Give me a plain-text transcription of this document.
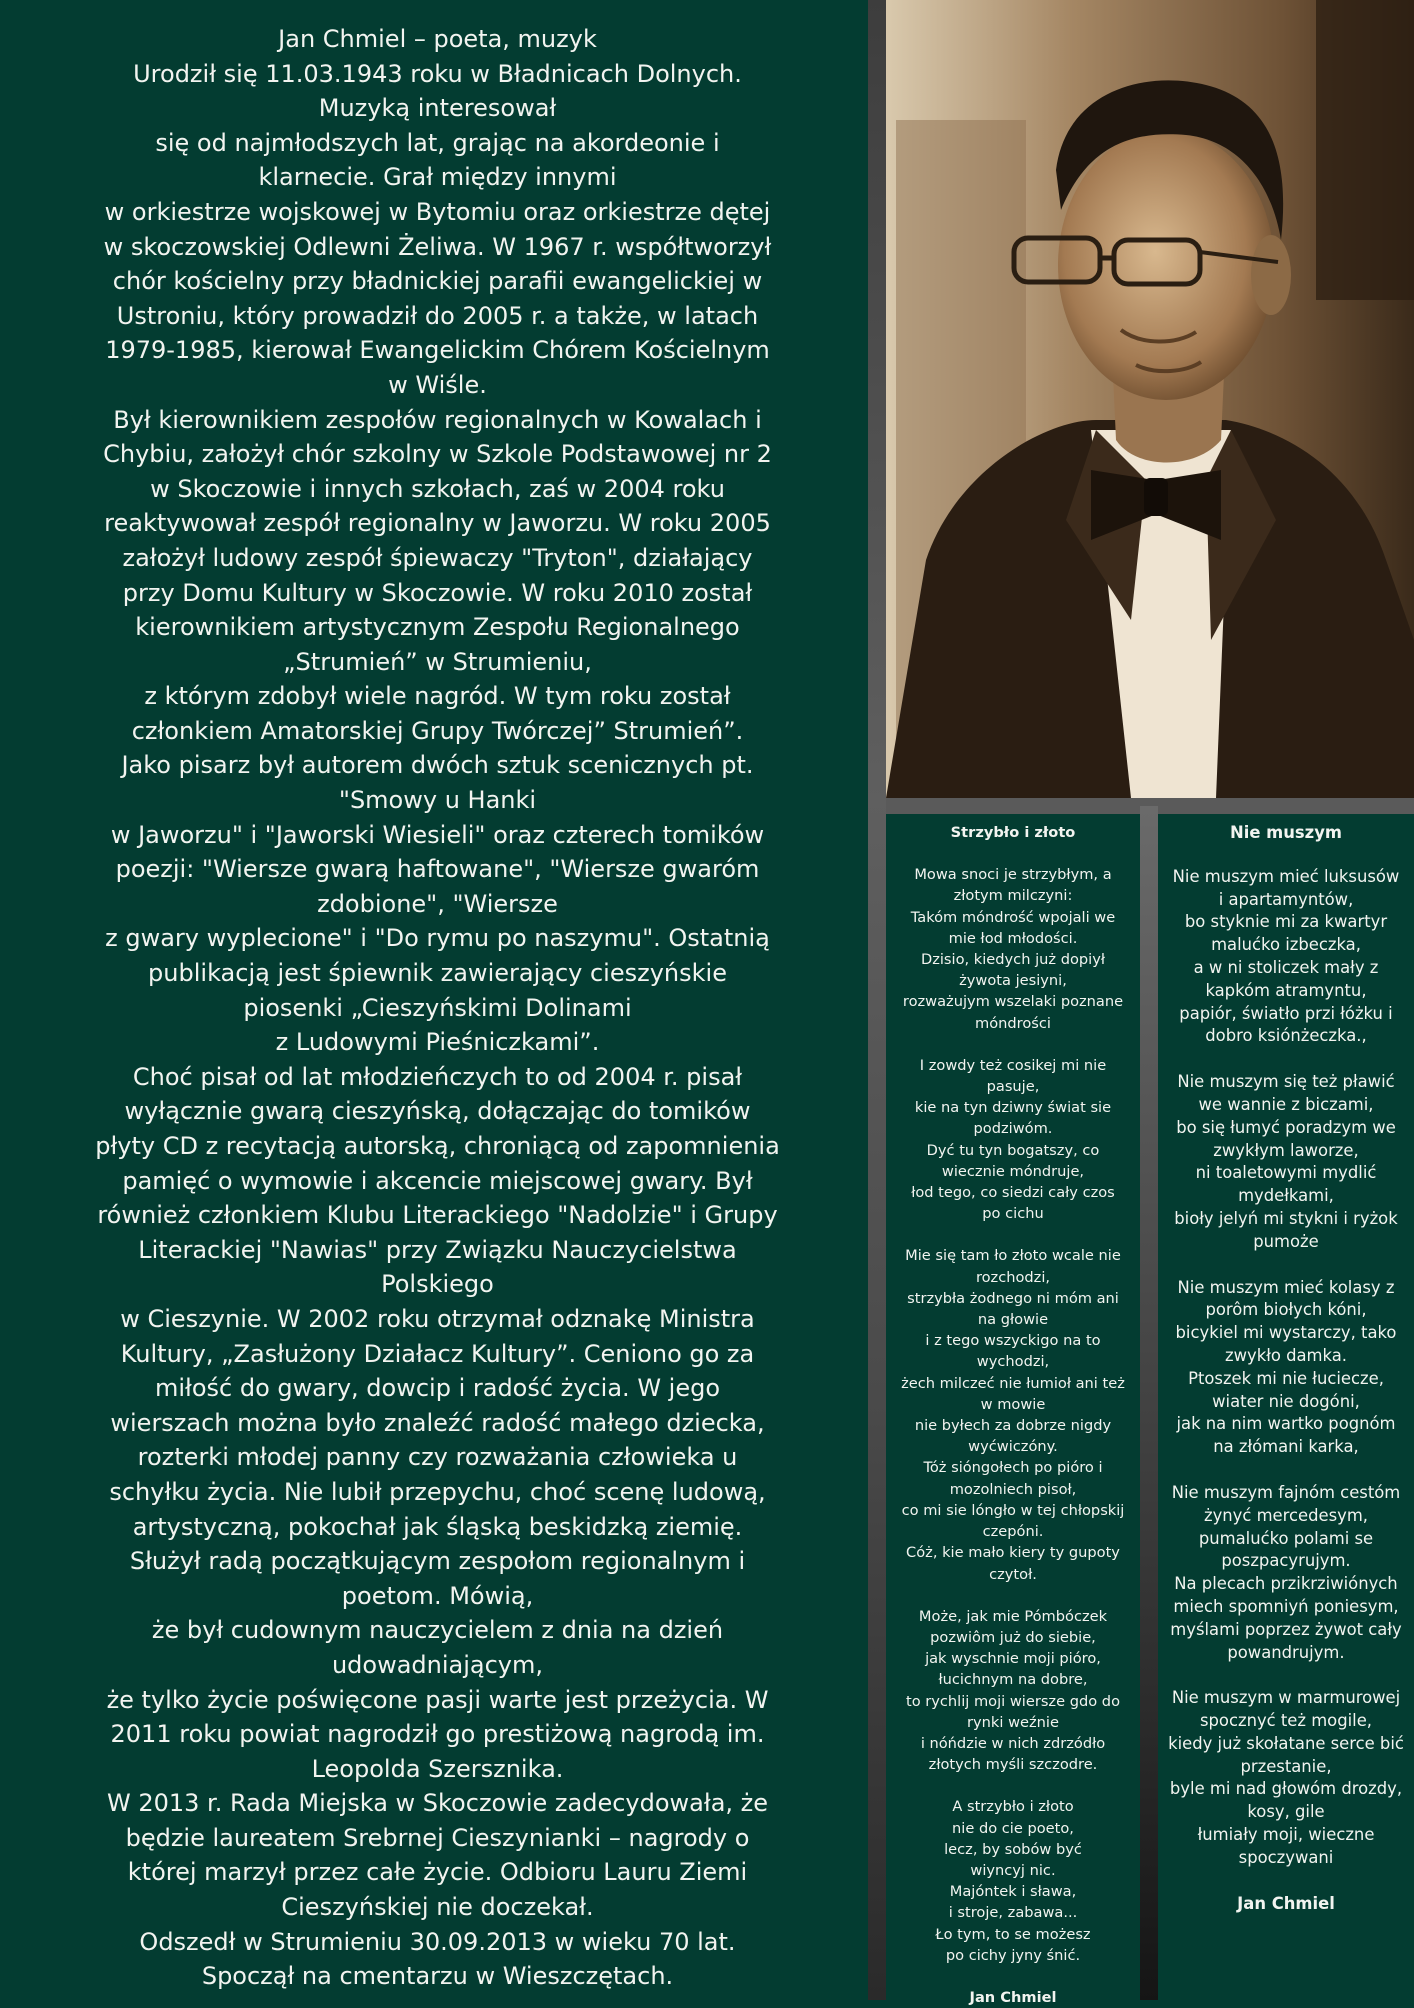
Jan Chmiel – poeta, muzyk

Urodził się 11.03.1943 roku w Bładnicach Dolnych. Muzyką interesował

się od najmłodszych lat, grając na akordeonie i klarnecie. Grał między innymi

w orkiestrze wojskowej w Bytomiu oraz orkiestrze dętej w skoczowskiej Odlewni Żeliwa. W 1967 r. współtworzył chór kościelny przy bładnickiej parafii ewangelickiej w Ustroniu, który prowadził do 2005 r. a także, w latach 1979-1985, kierował Ewangelickim Chórem Kościelnym w Wiśle.

Był kierownikiem zespołów regionalnych w Kowalach i Chybiu, założył chór szkolny w Szkole Podstawowej nr 2 w Skoczowie i innych szkołach, zaś w 2004 roku reaktywował zespół regionalny w Jaworzu. W roku 2005 założył ludowy zespół śpiewaczy "Tryton", działający przy Domu Kultury w Skoczowie. W roku 2010 został kierownikiem artystycznym Zespołu Regionalnego „Strumień” w Strumieniu,

z którym zdobył wiele nagród. W tym roku został członkiem Amatorskiej Grupy Twórczej” Strumień”.

Jako pisarz był autorem dwóch sztuk scenicznych pt. "Smowy u Hanki

w Jaworzu" i "Jaworski Wiesieli" oraz czterech tomików poezji: "Wiersze gwarą haftowane", "Wiersze gwaróm zdobione", "Wiersze

z gwary wyplecione" i "Do rymu po naszymu". Ostatnią publikacją jest śpiewnik zawierający cieszyńskie piosenki „Cieszyńskimi Dolinami

z Ludowymi Pieśniczkami”.

Choć pisał od lat młodzieńczych to od 2004 r. pisał wyłącznie gwarą cieszyńską, dołączając do tomików płyty CD z recytacją autorską, chroniącą od zapomnienia pamięć o wymowie i akcencie miejscowej gwary. Był również członkiem Klubu Literackiego "Nadolzie" i Grupy Literackiej "Nawias" przy Związku Nauczycielstwa Polskiego

w Cieszynie. W 2002 roku otrzymał odznakę Ministra Kultury, „Zasłużony Działacz Kultury”. Ceniono go za miłość do gwary, dowcip i radość życia. W jego wierszach można było znaleźć radość małego dziecka, rozterki młodej panny czy rozważania człowieka u schyłku życia. Nie lubił przepychu, choć scenę ludową, artystyczną, pokochał jak śląską beskidzką ziemię.

Służył radą początkującym zespołom regionalnym i poetom. Mówią,

że był cudownym nauczycielem z dnia na dzień udowadniającym,

że tylko życie poświęcone pasji warte jest przeżycia. W 2011 roku powiat nagrodził go prestiżową nagrodą im. Leopolda Szersznika.

W 2013 r. Rada Miejska w Skoczowie zadecydowała, że będzie laureatem Srebrnej Cieszynianki – nagrody o której marzył przez całe życie. Odbioru Lauru Ziemi Cieszyńskiej nie doczekał.

Odszedł w Strumieniu 30.09.2013 w wieku 70 lat.

Spoczął na cmentarzu w Wieszczętach.

Strzybło i złoto
Mowa snoci je strzybłym, a złotym milczyni:
Takóm móndrość wpojali we mie łod młodości.
Dzisio, kiedych już dopiył żywota jesiyni,
rozważujym wszelaki poznane móndrości
I zowdy też cosikej mi nie pasuje,
kie na tyn dziwny świat sie podziwóm.
Dyć tu tyn bogatszy, co wiecznie móndruje,
łod tego, co siedzi cały czos po cichu
Mie się tam ło złoto wcale nie rozchodzi,
strzybła żodnego ni móm ani na głowie
i z tego wszyckigo na to wychodzi,
żech milczeć nie łumioł ani też w mowie
nie byłech za dobrze nigdy wyćwiczóny.
Tóż sióngołech po pióro i mozolniech pisoł,
co mi sie lóngło w tej chłopskij czepóni.
Cóż, kie mało kiery ty gupoty czytoł.
Może, jak mie Pómbóczek pozwiôm już do siebie,
jak wyschnie moji pióro, łucichnym na dobre,
to rychlij moji wiersze gdo do rynki weźnie
i nóńdzie w nich zdrzódło złotych myśli szczodre.
A strzybło i złoto
nie do cie poeto,
lecz, by sobów być
wiyncyj nic.
Majóntek i sława,
i stroje, zabawa...
Ło tym, to se możesz
po cichy jyny śnić.
Jan Chmiel
Nie muszym
Nie muszym mieć luksusów i apartamyntów,
bo styknie mi za kwartyr malućko izbeczka,
a w ni stoliczek mały z kapkóm atramyntu,
papiór, światło przi łóżku i dobro ksiónżeczka.,
Nie muszym się też pławić we wannie z biczami,
bo się łumyć poradzym we zwykłym laworze,
ni toaletowymi mydlić mydełkami,
bioły jelyń mi stykni i ryżok pumoże
Nie muszym mieć kolasy z porôm biołych kóni,
bicykiel mi wystarczy, tako zwykło damka.
Ptoszek mi nie łuciecze, wiater nie dogóni,
jak na nim wartko pognóm na złómani karka,
Nie muszym fajnóm cestóm żynyć mercedesym,
pumalućko polami se poszpacyrujym.
Na plecach przikrziwiónych miech spomniyń poniesym,
myślami poprzez żywot cały powandrujym.
Nie muszym w marmurowej spocznyć też mogile,
kiedy już skołatane serce bić przestanie,
byle mi nad głowóm drozdy, kosy, gile
łumiały moji, wieczne spoczywani
Jan Chmiel
